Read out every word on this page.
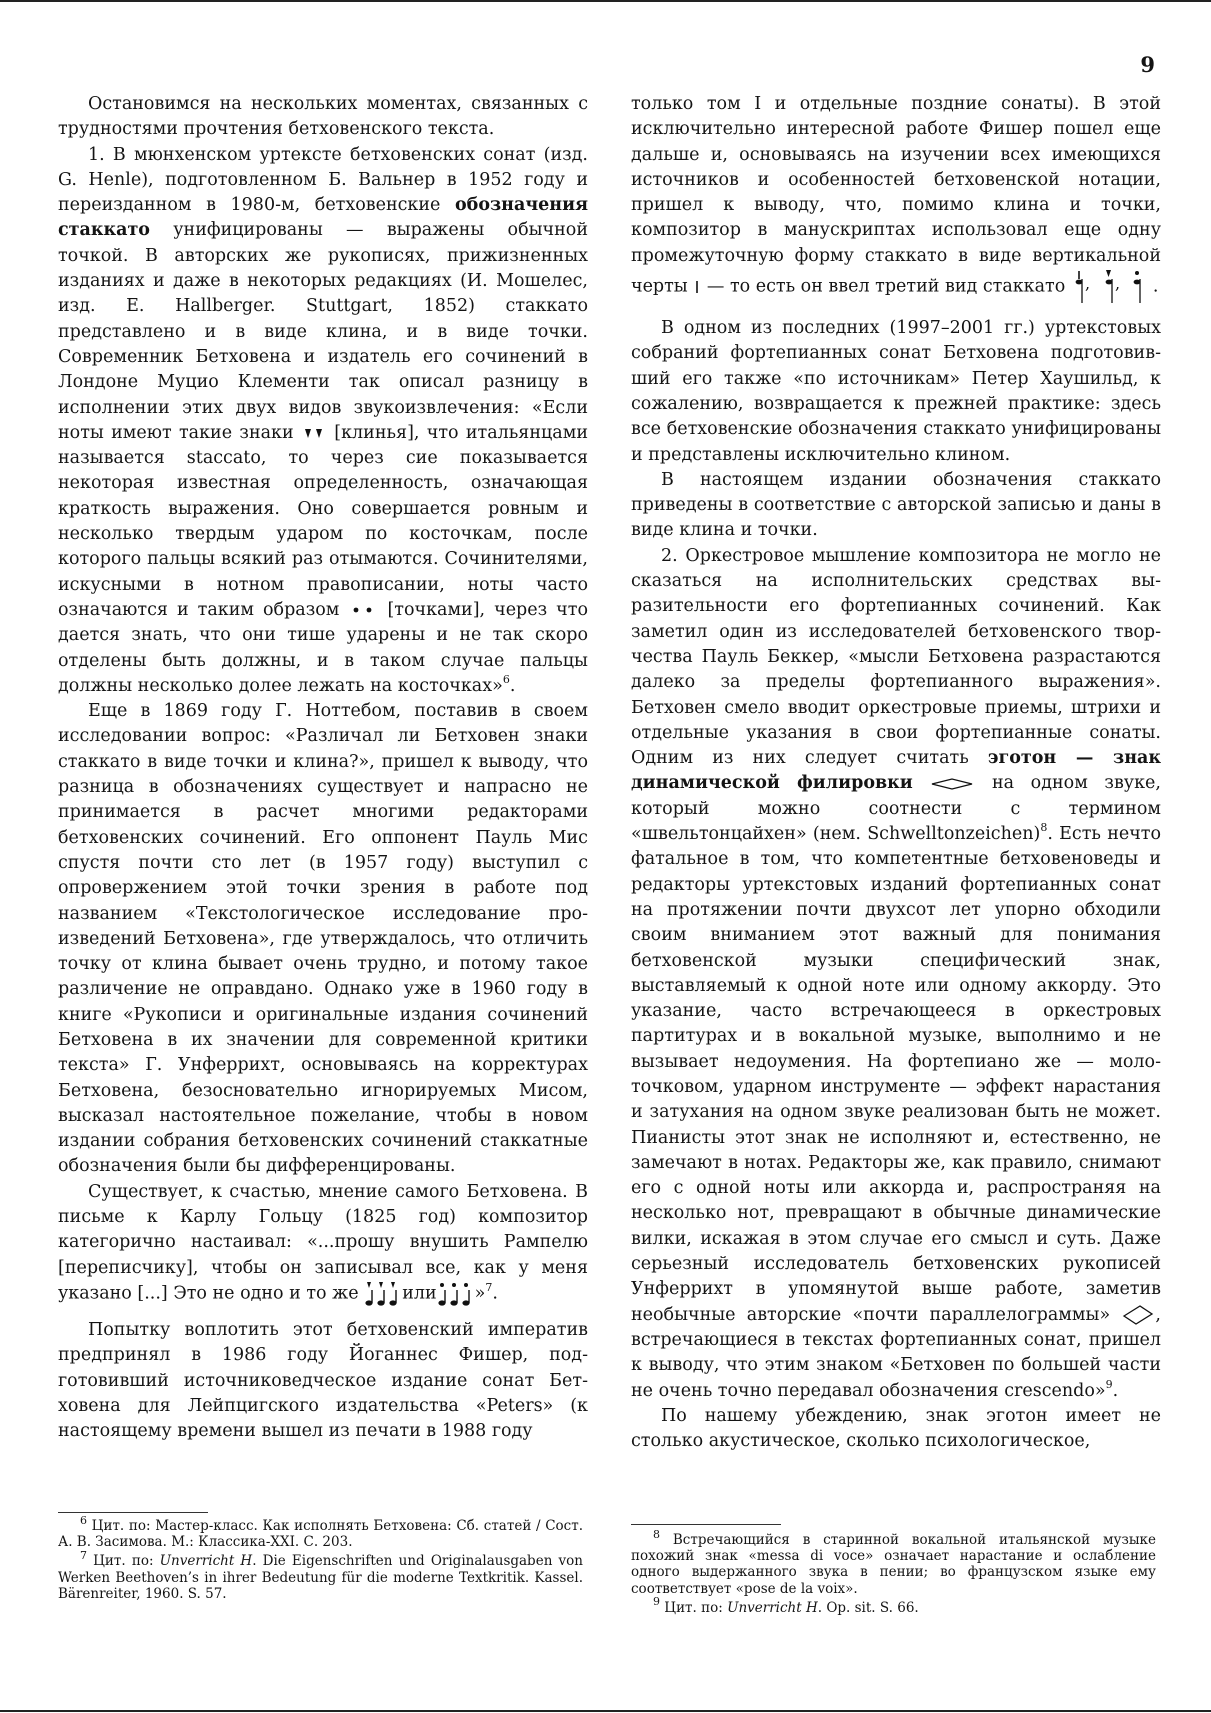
9

Остановимся на нескольких моментах, связанных с трудностями прочтения бетховенского текста.

1. В мюнхенском уртексте бетховенских сонат (изд. G. Henle), подготовленном Б. Вальнер в 1952 году и переизданном в 1980-м, бетховенские обозначения стаккато унифицированы — выражены обычной точкой. В авторских же рукописях, прижизненных изданиях и даже в некоторых редакциях (И. Мошелес, изд. E. Hallberger. Stuttgart, 1852) стаккато представлено и в виде клина, и в виде точки. Современник Бетховена и издатель его сочинений в Лондоне Муцио Клементи так описал разницу в исполнении этих двух видов звукоизвлечения: «Если ноты имеют такие знаки  [клинья], что итальянцами называется staccato, то через сие показывается некоторая известная определенность, означающая краткость выражения. Оно совершается ровным и несколько твердым ударом по косточкам, после которого пальцы всякий раз отымаются. Сочинителями, искусными в нотном правописании, ноты часто означаются и таким образом  [точками], через что дается знать, что они тише ударены и не так скоро отделены быть должны, и в таком случае пальцы должны несколько долее лежать на косточках»$^6$.

Еще в 1869 году Г. Ноттебом, поставив в своем исследовании вопрос: «Различал ли Бетховен знаки стаккато в виде точки и клина?», пришел к выводу, что разница в обозначениях существует и напрасно не принимается в расчет многими редакторами бетховенских сочинений. Его оппонент Пауль Мис спустя почти сто лет (в 1957 году) выступил с опровержением этой точки зрения в работе под названием «Текстологическое исследование произведений Бетховена», где утверждалось, что отличить точку от клина бывает очень трудно, и потому такое различение не оправдано. Однако уже в 1960 году в книге «Рукописи и оригинальные издания сочинений Бетховена в их значении для современной критики текста» Г. Унферрихт, основываясь на корректурах Бетховена, безосновательно игнорируемых Мисом, высказал настоятельное пожелание, чтобы в новом издании собрания бетховенских сочинений стаккатные обозначения были бы дифференцированы.

Существует, к счастью, мнение самого Бетховена. В письме к Карлу Гольцу (1825 год) композитор категорично настаивал: «...прошу внушить Рампелю [переписчику], чтобы он записывал все, как у меня указано [...] Это не одно и то же или »$^7$.

Попытку воплотить этот бетховенский императив предпринял в 1986 году Йоганнес Фишер, подготовивший источниковедческое издание сонат Бетховена для Лейпцигского издательства «Peters» (к настоящему времени вышел из печати в 1988 году

только том I и отдельные поздние сонаты). В этой исключительно интересной работе Фишер пошел еще дальше и, основываясь на изучении всех имеющихся источников и особенностей бетховенской нотации, пришел к выводу, что, помимо клина и точки, композитор в манускриптах использовал еще одну промежуточную форму стаккато в виде вертикальной черты  — то есть он ввел третий вид стаккато , , .

В одном из последних (1997–2001 гг.) уртекстовых собраний фортепианных сонат Бетховена подготовивший его также «по источникам» Петер Хаушильд, к сожалению, возвращается к прежней практике: здесь все бетховенские обозначения стаккато унифицированы и представлены исключительно клином.

В настоящем издании обозначения стаккато приведены в соответствие с авторской записью и даны в виде клина и точки.

2. Оркестровое мышление композитора не могло не сказаться на исполнительских средствах выразительности его фортепианных сочинений. Как заметил один из исследователей бетховенского творчества Пауль Беккер, «мысли Бетховена разрастаются далеко за пределы фортепианного выражения». Бетховен смело вводит оркестровые приемы, штрихи и отдельные указания в свои фортепианные сонаты. Одним из них следует считать эготон — знак динамической филировки	на одном звуке, который можно соотнести с термином «швельтонцайхен» (нем. Schwelltonzeichen)$^8$. Есть нечто фатальное в том, что компетентные бетховеноведы и редакторы уртекстовых изданий фортепианных сонат на протяжении почти двухсот лет упорно обходили своим вниманием этот важный для понимания бетховенской музыки специфический знак, выставляемый к одной ноте или одному аккорду. Это указание, часто встречающееся в оркестровых партитурах и в вокальной музыке, выполнимо и не вызывает недоумения. На фортепиано же — молоточковом, ударном инструменте — эффект нарастания и затухания на одном звуке реализован быть не может. Пианисты этот знак не исполняют и, естественно, не замечают в нотах. Редакторы же, как правило, снимают его с одной ноты или аккорда и, распространяя на несколько нот, превращают в обычные динамические вилки, искажая в этом случае его смысл и суть. Даже серьезный исследователь бетховенских рукописей Унферрихт в упомянутой выше работе, заметив необычные авторские «почти параллелограммы»	, встречающиеся в текстах фортепианных сонат, пришел к выводу, что этим знаком «Бетховен по большей части не очень точно передавал обозначения crescendo»$^9$.

По нашему убеждению, знак эготон имеет не столько акустическое, сколько психологическое,

$^6$ Цит. по: Мастер-класс. Как исполнять Бетховена: Сб. статей / Сост. А. В. Засимова. М.: Классика-XXI. С. 203.

$^7$ Цит. по: Unverricht H. Die Eigenschriften und Originalausgaben von Werken Beethoven’s in ihrer Bedeutung für die moderne Textkritik. Kassel. Bärenreiter, 1960. S. 57.

$^8$ Встречающийся в старинной вокальной итальянской музыке похожий знак «messa di voce» означает нарастание и ослабление одного выдержанного звука в пении; во французском языке ему соответствует «pose de la voix».

$^9$ Цит. по: Unverricht H. Op. sit. S. 66.
